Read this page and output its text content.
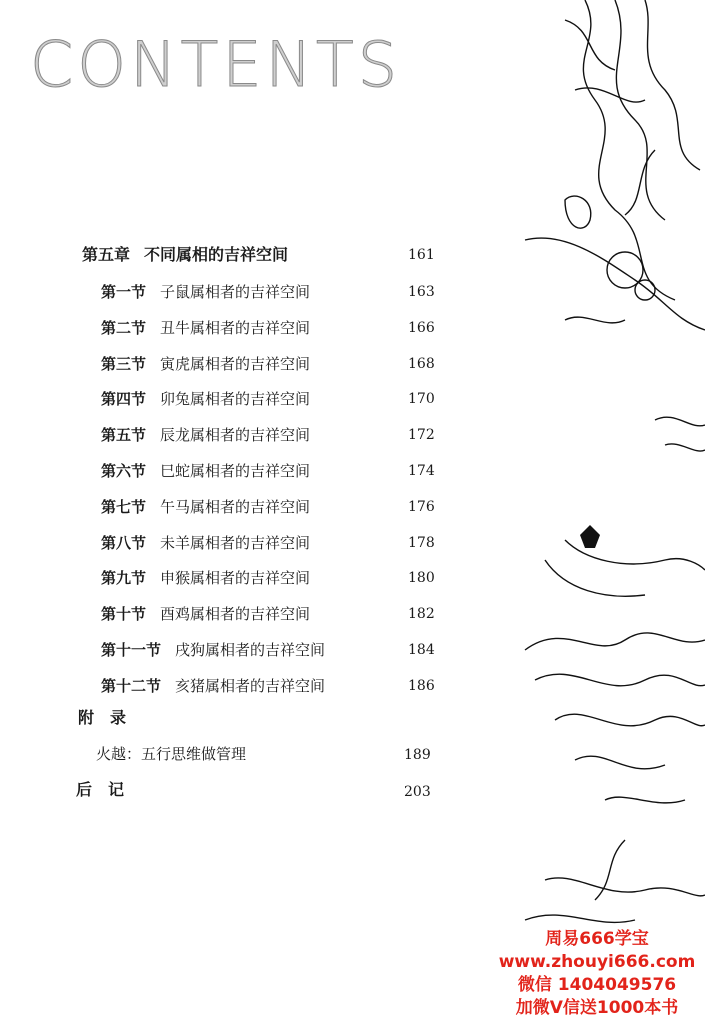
CONTENTS
第五章 不同属相的吉祥空间	161
第一节 子鼠属相者的吉祥空间	163
第二节 丑牛属相者的吉祥空间	166
第三节 寅虎属相者的吉祥空间	168
第四节 卯兔属相者的吉祥空间	170
第五节 辰龙属相者的吉祥空间	172
第六节 巳蛇属相者的吉祥空间	174
第七节 午马属相者的吉祥空间	176
第八节 未羊属相者的吉祥空间	178
第九节 申猴属相者的吉祥空间	180
第十节 酉鸡属相者的吉祥空间	182
第十一节 戌狗属相者的吉祥空间	184
第十二节 亥猪属相者的吉祥空间	186
附　录
火越：五行思维做管理	189
后　记	203
周易666学宝
www.zhouyi666.com
微信 1404049576
加微V信送1000本书
